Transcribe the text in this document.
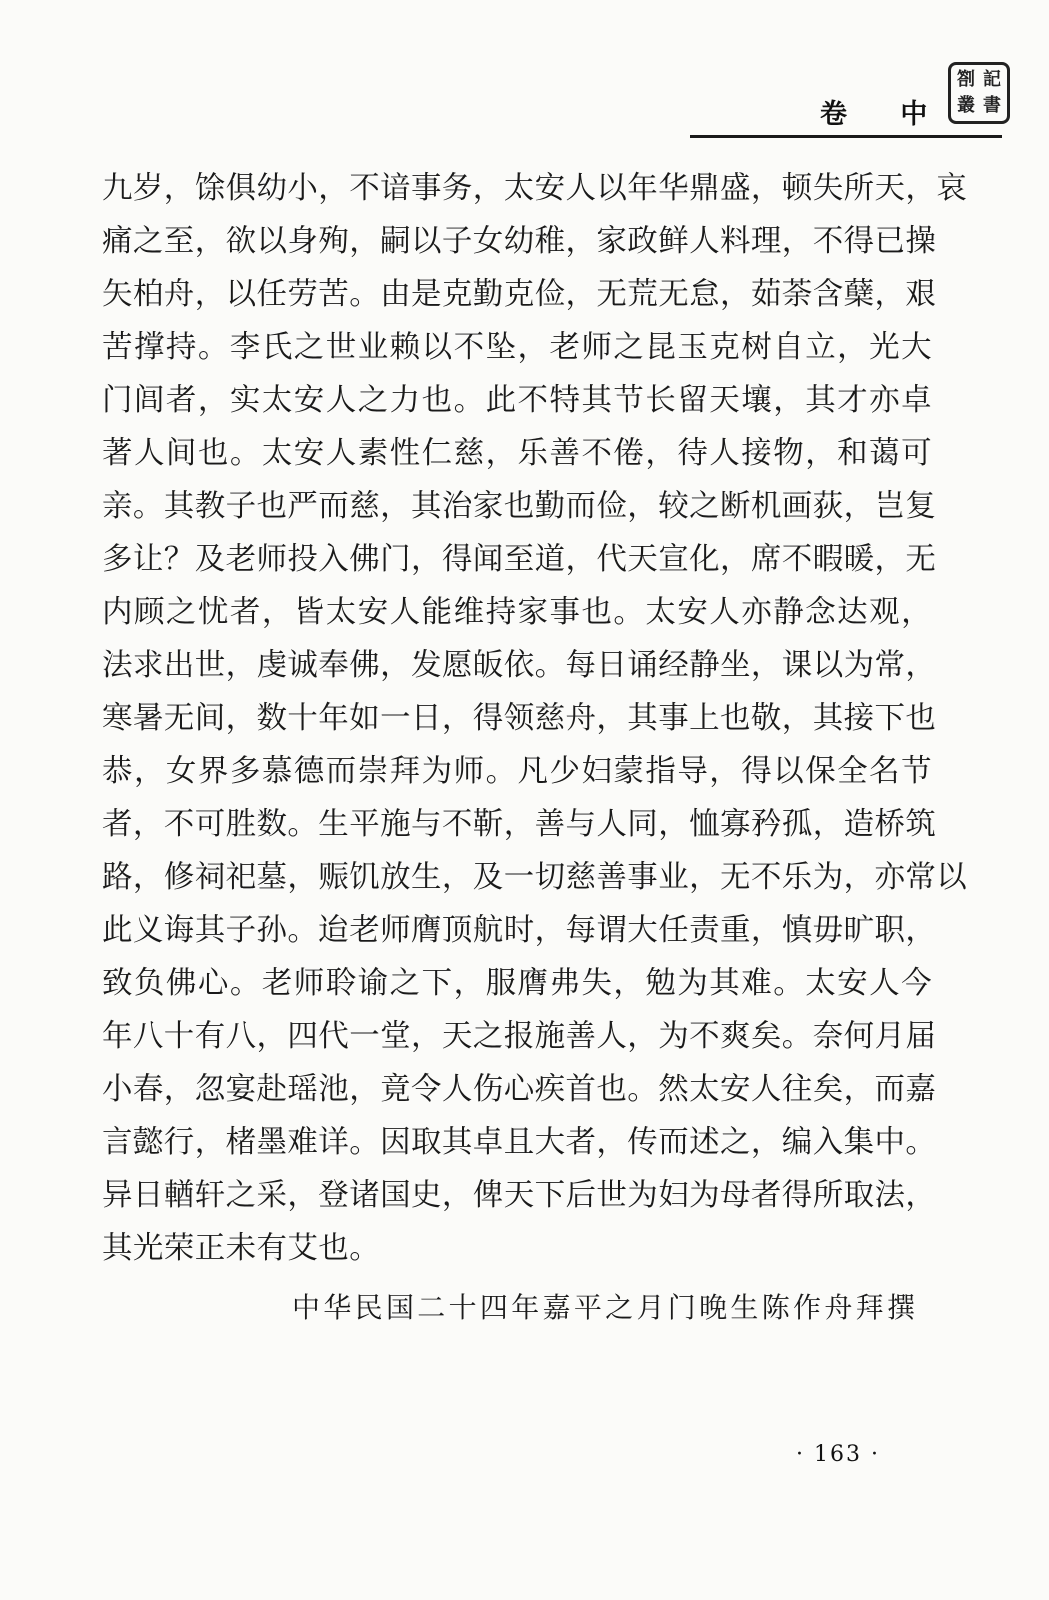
劄 記
叢 書
卷 中
九岁，馀俱幼小，不谙事务，太安人以年华鼎盛，顿失所天，哀
痛之至，欲以身殉，嗣以子女幼稚，家政鲜人料理，不得已操
矢柏舟，以任劳苦。由是克勤克俭，无荒无怠，茹荼含蘖，艰
苦撑持。李氏之世业赖以不坠，老师之昆玉克树自立，光大
门闾者，实太安人之力也。此不特其节长留天壤，其才亦卓
著人间也。太安人素性仁慈，乐善不倦，待人接物，和蔼可
亲。其教子也严而慈，其治家也勤而俭，较之断机画荻，岂复
多让？及老师投入佛门，得闻至道，代天宣化，席不暇暖，无
内顾之忧者，皆太安人能维持家事也。太安人亦静念达观，
法求出世，虔诚奉佛，发愿皈依。每日诵经静坐，课以为常，
寒暑无间，数十年如一日，得领慈舟，其事上也敬，其接下也
恭，女界多慕德而崇拜为师。凡少妇蒙指导，得以保全名节
者，不可胜数。生平施与不靳，善与人同，恤寡矜孤，造桥筑
路，修祠祀墓，赈饥放生，及一切慈善事业，无不乐为，亦常以
此义诲其子孙。迨老师膺顶航时，每谓大任责重，慎毋旷职，
致负佛心。老师聆谕之下，服膺弗失，勉为其难。太安人今
年八十有八，四代一堂，天之报施善人，为不爽矣。奈何月届
小春，忽宴赴瑶池，竟令人伤心疾首也。然太安人往矣，而嘉
言懿行，楮墨难详。因取其卓且大者，传而述之，编入集中。
异日輶轩之采，登诸国史，俾天下后世为妇为母者得所取法，
其光荣正未有艾也。
中华民国二十四年嘉平之月门晚生陈作舟拜撰
· 163 ·
